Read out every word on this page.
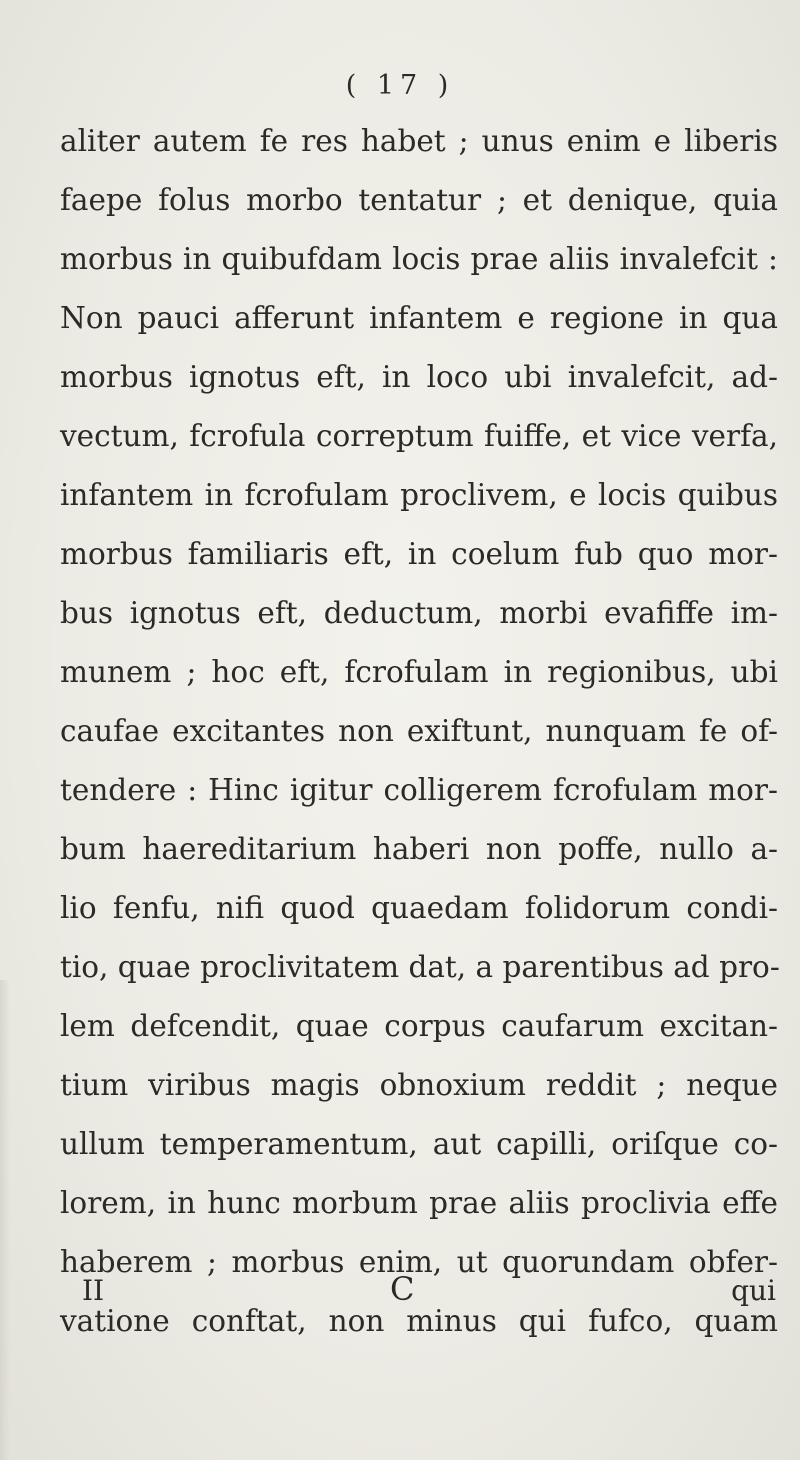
( 17 )
aliter autem fe res habet ; unus enim e liberis
faepe folus morbo tentatur ; et denique, quia
morbus in quibufdam locis prae aliis invalefcit :
Non pauci afferunt infantem e regione in qua
morbus ignotus eft, in loco ubi invalefcit, ad-
vectum, fcrofula correptum fuiffe, et vice verfa,
infantem in fcrofulam proclivem, e locis quibus
morbus familiaris eft, in coelum fub quo mor-
bus ignotus eft, deductum, morbi evafiffe im-
munem ; hoc eft, fcrofulam in regionibus, ubi
caufae excitantes non exiftunt, nunquam fe of-
tendere : Hinc igitur colligerem fcrofulam mor-
bum haereditarium haberi non poffe, nullo a-
lio fenfu, nifi quod quaedam folidorum condi-
tio, quae proclivitatem dat, a parentibus ad pro-
lem defcendit, quae corpus caufarum excitan-
tium viribus magis obnoxium reddit ; neque
ullum temperamentum, aut capilli, oriſque co-
lorem, in hunc morbum prae aliis proclivia effe
haberem ; morbus enim, ut quorundam obfer-
vatione conftat, non minus qui fufco, quam
II	C	qui
